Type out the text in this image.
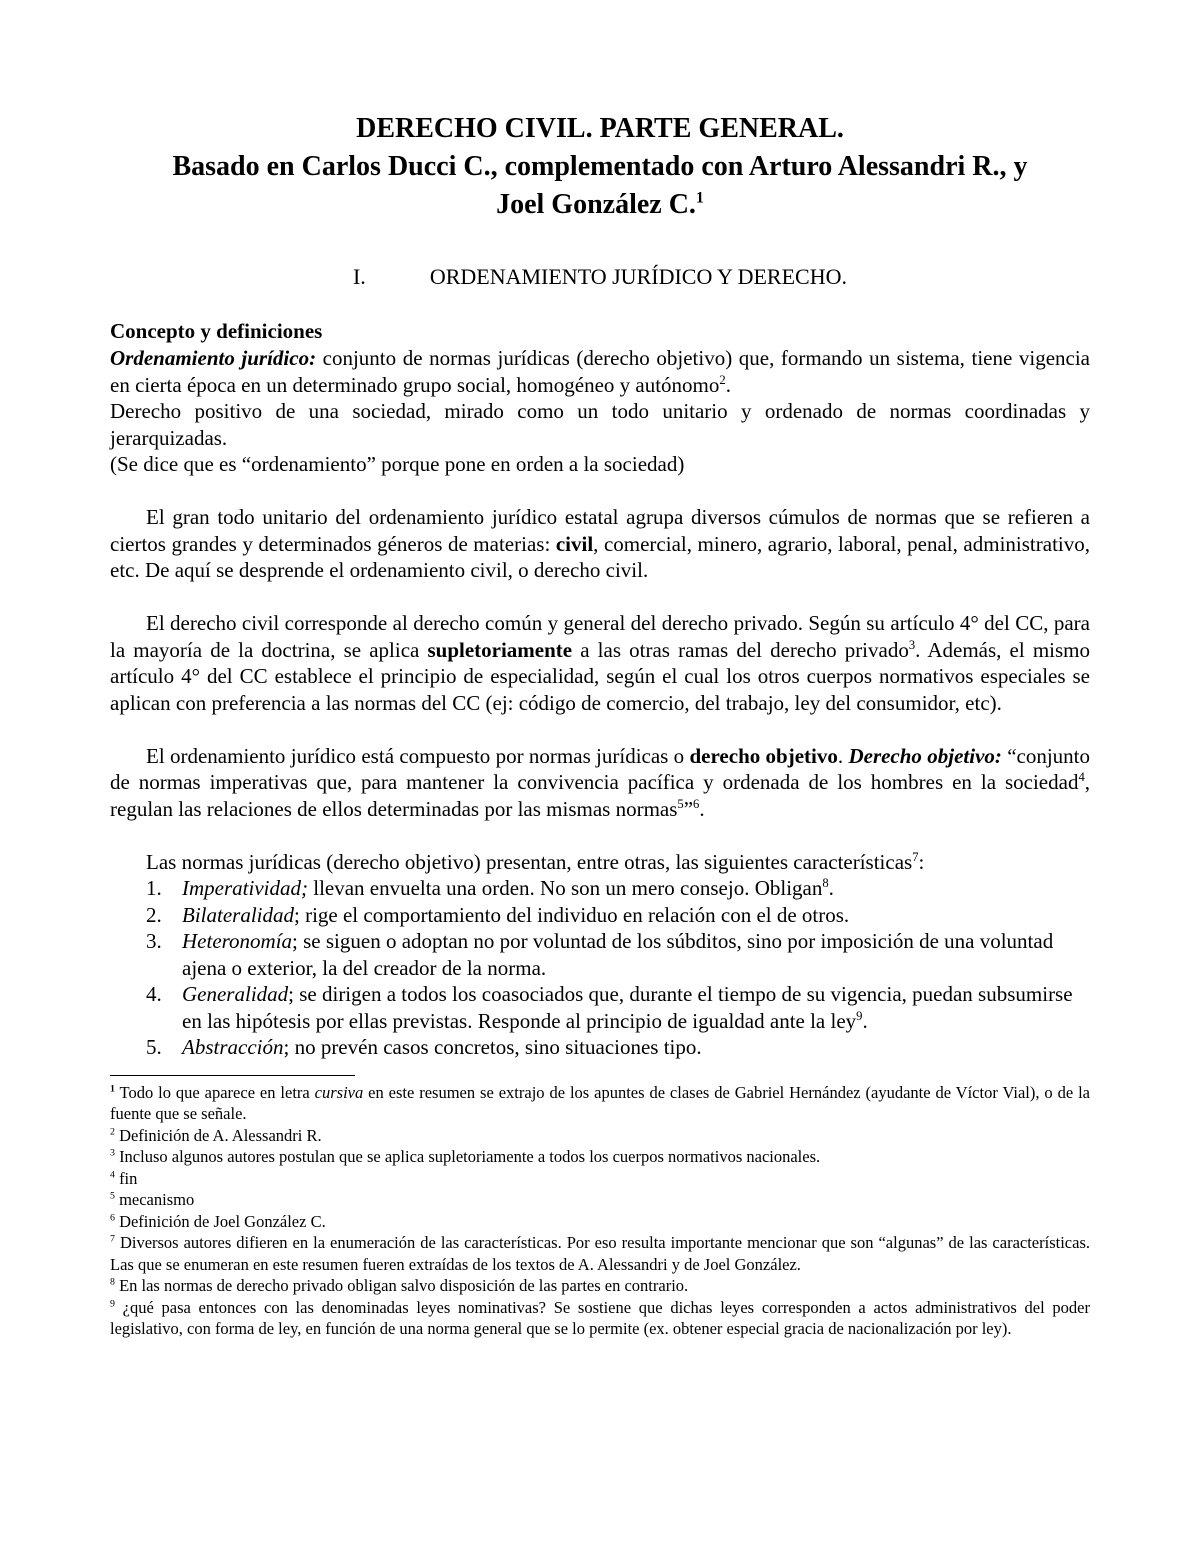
DERECHO CIVIL. PARTE GENERAL.
Basado en Carlos Ducci C., complementado con Arturo Alessandri R., y
Joel González C.$^1$
I.	ORDENAMIENTO JURÍDICO Y DERECHO.
Concepto y definiciones

Ordenamiento jurídico: conjunto de normas jurídicas (derecho objetivo) que, formando un sistema, tiene vigencia en cierta época en un determinado grupo social, homogéneo y autónomo$^2$.

Derecho positivo de una sociedad, mirado como un todo unitario y ordenado de normas coordinadas y jerarquizadas.

(Se dice que es “ordenamiento” porque pone en orden a la sociedad)

El gran todo unitario del ordenamiento jurídico estatal agrupa diversos cúmulos de normas que se refieren a ciertos grandes y determinados géneros de materias: civil, comercial, minero, agrario, laboral, penal, administrativo, etc. De aquí se desprende el ordenamiento civil, o derecho civil.

El derecho civil corresponde al derecho común y general del derecho privado. Según su artículo 4° del CC, para la mayoría de la doctrina, se aplica supletoriamente a las otras ramas del derecho privado$^3$. Además, el mismo artículo 4° del CC establece el principio de especialidad, según el cual los otros cuerpos normativos especiales se aplican con preferencia a las normas del CC (ej: código de comercio, del trabajo, ley del consumidor, etc).

El ordenamiento jurídico está compuesto por normas jurídicas o derecho objetivo. Derecho objetivo: “conjunto de normas imperativas que, para mantener la convivencia pacífica y ordenada de los hombres en la sociedad$^4$, regulan las relaciones de ellos determinadas por las mismas normas$^5$”$^6$.

Las normas jurídicas (derecho objetivo) presentan, entre otras, las siguientes características$^7$:

1. Imperatividad; llevan envuelta una orden. No son un mero consejo. Obligan$^8$.
2. Bilateralidad; rige el comportamiento del individuo en relación con el de otros.
3. Heteronomía; se siguen o adoptan no por voluntad de los súbditos, sino por imposición de una voluntad ajena o exterior, la del creador de la norma.
4. Generalidad; se dirigen a todos los coasociados que, durante el tiempo de su vigencia, puedan subsumirse en las hipótesis por ellas previstas. Responde al principio de igualdad ante la ley$^9$.
5. Abstracción; no prevén casos concretos, sino situaciones tipo.

$^1$ Todo lo que aparece en letra cursiva en este resumen se extrajo de los apuntes de clases de Gabriel Hernández (ayudante de Víctor Vial), o de la fuente que se señale.

$^2$ Definición de A. Alessandri R.

$^3$ Incluso algunos autores postulan que se aplica supletoriamente a todos los cuerpos normativos nacionales.

$^4$ fin

$^5$ mecanismo

$^6$ Definición de Joel González C.

$^7$ Diversos autores difieren en la enumeración de las características. Por eso resulta importante mencionar que son “algunas” de las características. Las que se enumeran en este resumen fueren extraídas de los textos de A. Alessandri y de Joel González.

$^8$ En las normas de derecho privado obligan salvo disposición de las partes en contrario.

$^9$ ¿qué pasa entonces con las denominadas leyes nominativas? Se sostiene que dichas leyes corresponden a actos administrativos del poder legislativo, con forma de ley, en función de una norma general que se lo permite (ex. obtener especial gracia de nacionalización por ley).
